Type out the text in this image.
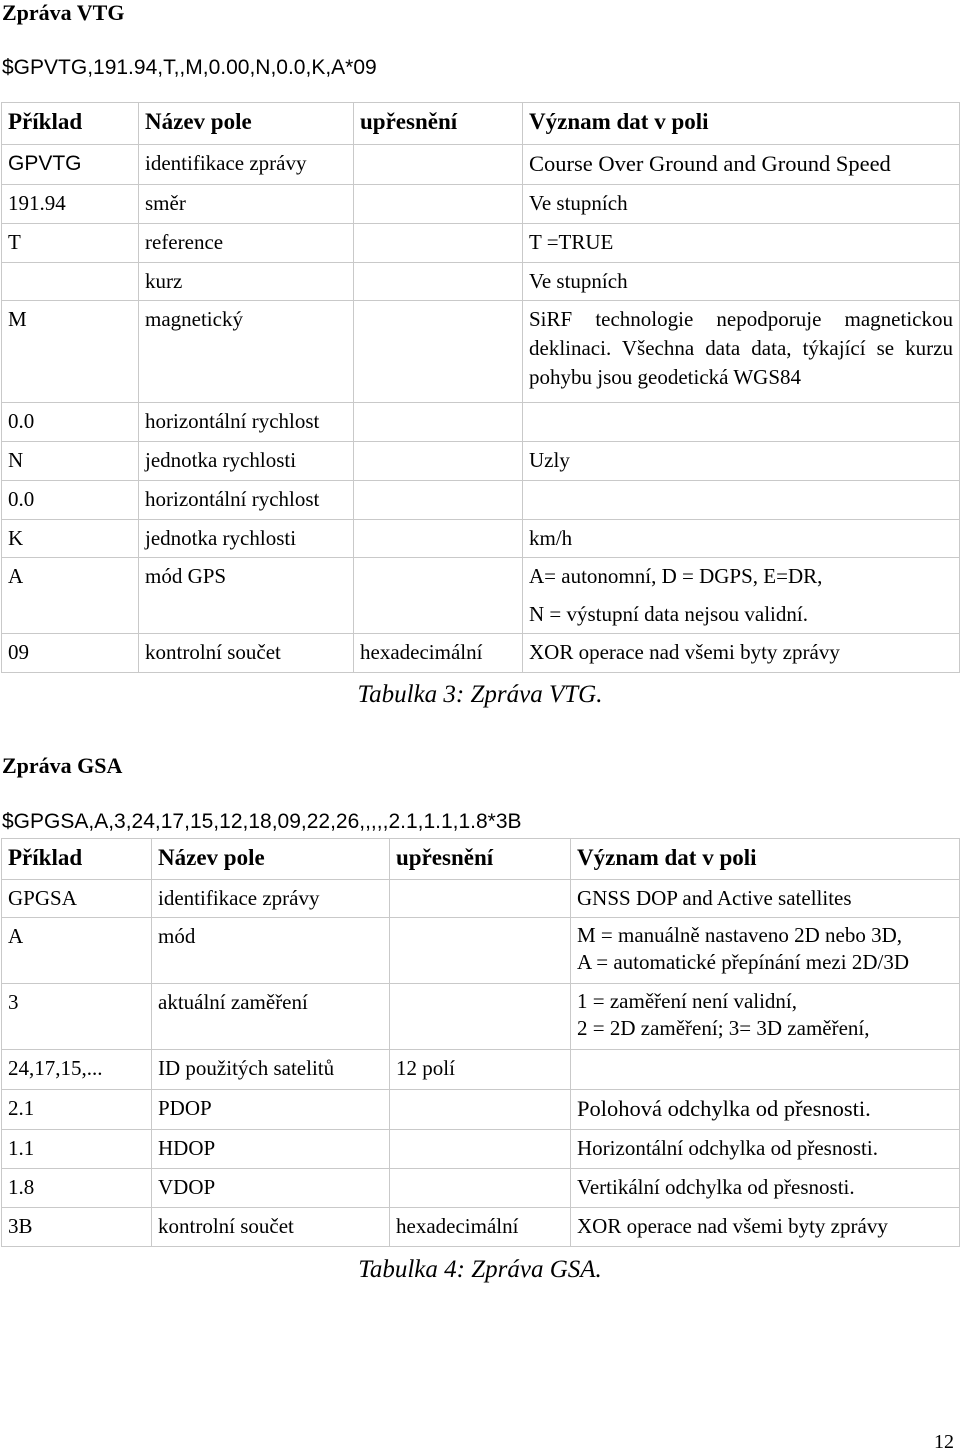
Zpráva VTG
$GPVTG,191.94,T,,M,0.00,N,0.0,K,A*09
Příklad	Název pole	upřesnění	Význam dat v poli
GPVTG	identifikace zprávy		Course Over Ground and Ground Speed
191.94	směr		Ve stupních
T	reference		T =TRUE
	kurz		Ve stupních
M	magnetický		SiRF technologie nepodporuje magnetickou deklinaci. Všechna data data, týkající se kurzu pohybu jsou geodetická WGS84
0.0	horizontální rychlost		
N	jednotka rychlosti		Uzly
0.0	horizontální rychlost		
K	jednotka rychlosti		km/h
A	mód GPS		A= autonomní, D = DGPS, E=DR,
			N = výstupní data nejsou validní.
09	kontrolní součet	hexadecimální	XOR operace nad všemi byty zprávy
Tabulka 3: Zpráva VTG.
Zpráva GSA
$GPGSA,A,3,24,17,15,12,18,09,22,26,,,,,2.1,1.1,1.8*3B
Příklad	Název pole	upřesnění	Význam dat v poli
GPGSA	identifikace zprávy		GNSS DOP and Active satellites
A	mód		M = manuálně nastaveno 2D nebo 3D,
A = automatické přepínání mezi 2D/3D
3	aktuální zaměření		1 = zaměření není validní,
2 = 2D zaměření; 3= 3D zaměření,
24,17,15,...	ID použitých satelitů	12 polí	
2.1	PDOP		Polohová odchylka od přesnosti.
1.1	HDOP		Horizontální odchylka od přesnosti.
1.8	VDOP		Vertikální odchylka od přesnosti.
3B	kontrolní součet	hexadecimální	XOR operace nad všemi byty zprávy
Tabulka 4: Zpráva GSA.
12
